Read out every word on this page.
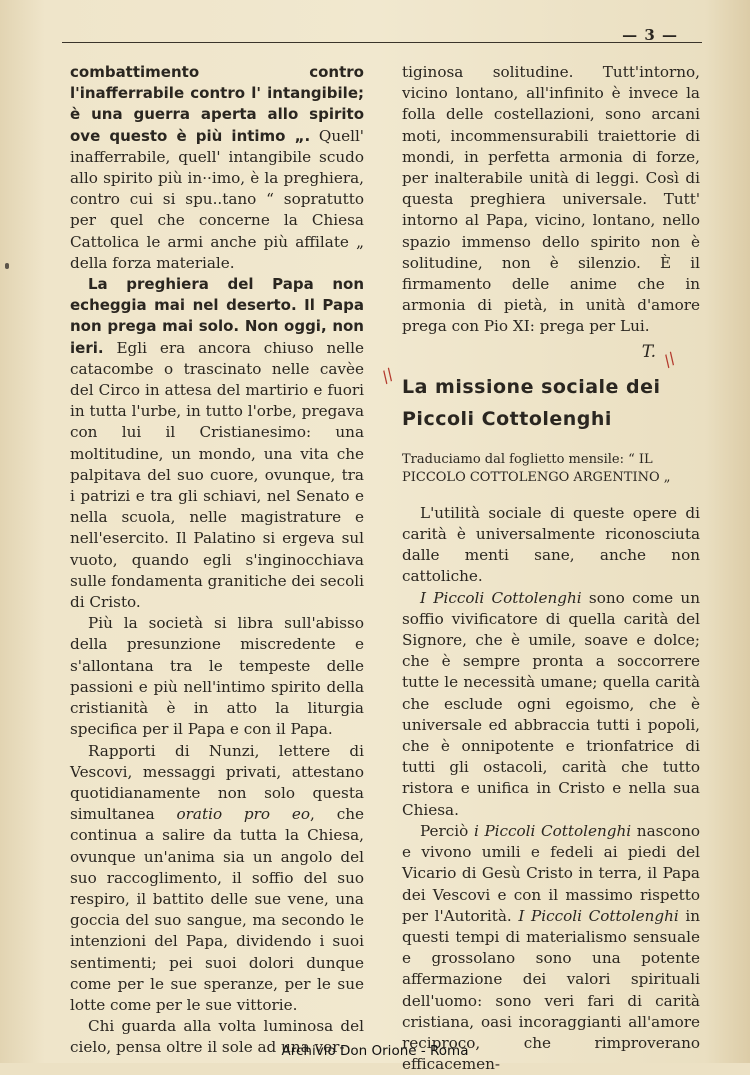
— 3 —

combattimento contro l'inafferrabile contro l' intangibile; è una guerra aperta allo spirito ove questo è più intimo „. Quell' inafferrabile, quell' intangibile scudo allo spirito più in··imo, è la preghiera, contro cui si spu..tano “ sopratutto per quel che concerne la Chiesa Cattolica le armi anche più affilate „ della forza materiale.

La preghiera del Papa non echeggia mai nel deserto. Il Papa non prega mai solo. Non oggi, non ieri. Egli era ancora chiuso nelle catacombe o trascinato nelle cavèe del Circo in attesa del martirio e fuori in tutta l'urbe, in tutto l'orbe, pregava con lui il Cristianesimo: una moltitudine, un mondo, una vita che palpitava del suo cuore, ovunque, tra i patrizi e tra gli schiavi, nel Senato e nella scuola, nelle magistrature e nell'esercito. Il Palatino si ergeva sul vuoto, quando egli s'inginocchiava sulle fondamenta granitiche dei secoli di Cristo.

Più la società si libra sull'abisso della presunzione miscredente e s'allontana tra le tempeste delle passioni e più nell'intimo spirito della cristianità è in atto la liturgia specifica per il Papa e con il Papa.

Rapporti di Nunzi, lettere di Vescovi, messaggi privati, attestano quotidianamente non solo questa simultanea oratio pro eo, che continua a salire da tutta la Chiesa, ovunque un'anima sia un angolo del suo raccoglimento, il soffio del suo respiro, il battito delle sue vene, una goccia del suo sangue, ma secondo le intenzioni del Papa, dividendo i suoi sentimenti; pei suoi dolori dunque come per le sue speranze, per le sue lotte come per le sue vittorie.

Chi guarda alla volta luminosa del cielo, pensa oltre il sole ad una ver-

tiginosa solitudine. Tutt'intorno, vicino lontano, all'infinito è invece la folla delle costellazioni, sono arcani moti, incommensurabili traiettorie di mondi, in perfetta armonia di forze, per inalterabile unità di leggi. Così di questa preghiera universale. Tutt' intorno al Papa, vicino, lontano, nello spazio immenso dello spirito non è solitudine, non è silenzio. È il firmamento delle anime che in armonia di pietà, in unità d'amore prega con Pio XI: prega per Lui.

T.

La missione sociale dei Piccoli Cottolenghi

Traduciamo dal foglietto mensile: “ IL PICCOLO COTTOLENGO ARGENTINO „

L'utilità sociale di queste opere di carità è universalmente riconosciuta dalle menti sane, anche non cattoliche.

I Piccoli Cottolenghi sono come un soffio vivificatore di quella carità del Signore, che è umile, soave e dolce; che è sempre pronta a soccorrere tutte le necessità umane; quella carità che esclude ogni egoismo, che è universale ed abbraccia tutti i popoli, che è onnipotente e trionfatrice di tutti gli ostacoli, carità che tutto ristora e unifica in Cristo e nella sua Chiesa.

Perciò i Piccoli Cottolenghi nascono e vivono umili e fedeli ai piedi del Vicario di Gesù Cristo in terra, il Papa dei Vescovi e con il massimo rispetto per l'Autorità. I Piccoli Cottolenghi in questi tempi di materialismo sensuale e grossolano sono una potente affermazione dei valori spirituali dell'uomo: sono veri fari di carità cristiana, oasi incoraggianti all'amore reciproco, che rimproverano efficacemen-

//
//
Archivio Don Orione - Roma
